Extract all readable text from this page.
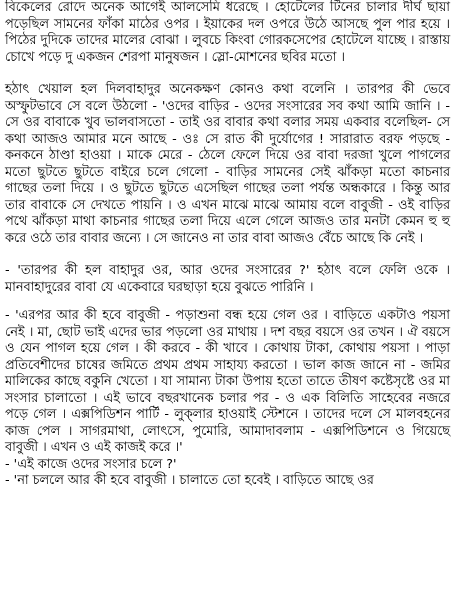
বিকেলের রোদে অনেক আগেই আলসেমি ধরেছে । হোটেলের টিনের চালার দীর্ঘ ছায়া পড়েছিল সামনের ফাঁকা মাঠের ওপর । ইয়াকের দল ওপরে উঠে আসছে পুল পার হয়ে । পিঠের দুদিকে তাদের মালের বোঝা । লুবচে কিংবা গোরকসেপের হোটেলে যাচ্ছে । রাস্তায় চোখে পড়ে দু একজন শেরপা মানুষজন । স্লো-মোশনের ছবির মতো ।

হঠাৎ খেয়াল হল দিলবাহাদুর অনেকক্ষণ কোনও কথা বলেনি । তারপর কী ভেবে অস্ফুটভাবে সে বলে উঠলো - 'ওদের বাড়ির - ওদের সংসারের সব কথা আমি জানি । - সে ওর বাবাকে খুব ভালবাসতো - তাই ওর বাবার কথা বলার সময় একবার বলেছিল- সে কথা আজও আমার মনে আছে - ওঃ সে রাত কী দুর্যোগের ! সারারাত বরফ পড়ছে - কনকনে ঠাণ্ডা হাওয়া । মাকে মেরে - ঠেলে ফেলে দিয়ে ওর বাবা দরজা খুলে পাগলের মতো ছুটতে ছুটতে বাইরে চলে গেলো - বাড়ির সামনের সেই ঝাঁকড়া মতো কাচনার গাছের তলা দিয়ে । ও ছুটতে ছুটতে এসেছিল গাছের তলা পর্যন্ত অন্ধকারে । কিন্তু আর তার বাবাকে সে দেখতে পায়নি । ও এখন মাঝে মাঝে আমায় বলে বাবুজী - ওই বাড়ির পথে ঝাঁকড়া মাথা কাচনার গাছের তলা দিয়ে এলে গেলে আজও তার মনটা কেমন হু হু করে ওঠে তার বাবার জন্যে । সে জানেও না তার বাবা আজও বেঁচে আছে কি নেই ।

- 'তারপর কী হল বাহাদুর ওর, আর ওদের সংসারের ?' হঠাৎ বলে ফেলি ওকে । মানবাহাদুরের বাবা যে একেবারে ঘরছাড়া হয়ে বুঝতে পারিনি ।

- 'এরপর আর কী হবে বাবুজী - পড়াশুনা বন্ধ হয়ে গেল ওর । বাড়িতে একটাও পয়সা নেই । মা, ছোট ভাই এদের ভার পড়লো ওর মাথায় । দশ বছর বয়সে ওর তখন । ঐ বয়সে ও যেন পাগল হয়ে গেল । কী করবে - কী খাবে । কোথায় টাকা, কোথায় পয়সা । পাড়া প্রতিবেশীদের চাষের জমিতে প্রথম প্রথম সাহায্য করতো । ভাল কাজ জানে না - জমির মালিকের কাছে বকুনি খেতো । যা সামান্য টাকা উপায় হতো তাতে তীষণ কষ্টেসৃষ্টে ওর মা সংসার চালাতো । এই ভাবে বছরখানেক চলার পর - ও এক বিলিতি সাহেবের নজরে পড়ে গেল । এক্সপিডিশন পার্টি - লুক্‌লার হাওয়াই স্টেশনে । তাদের দলে সে মালবহনের কাজ পেল । সাগরমাথা, লোৎসে, পুমোরি, আমাদাবলাম - এক্সপিডিশনে ও গিয়েছে বাবুজী । এখন ও এই কাজই করে ।'

- 'এই কাজে ওদের সংসার চলে ?'

- 'না চললে আর কী হবে বাবুজী । চালাতে তো হবেই । বাড়িতে আছে ওর
